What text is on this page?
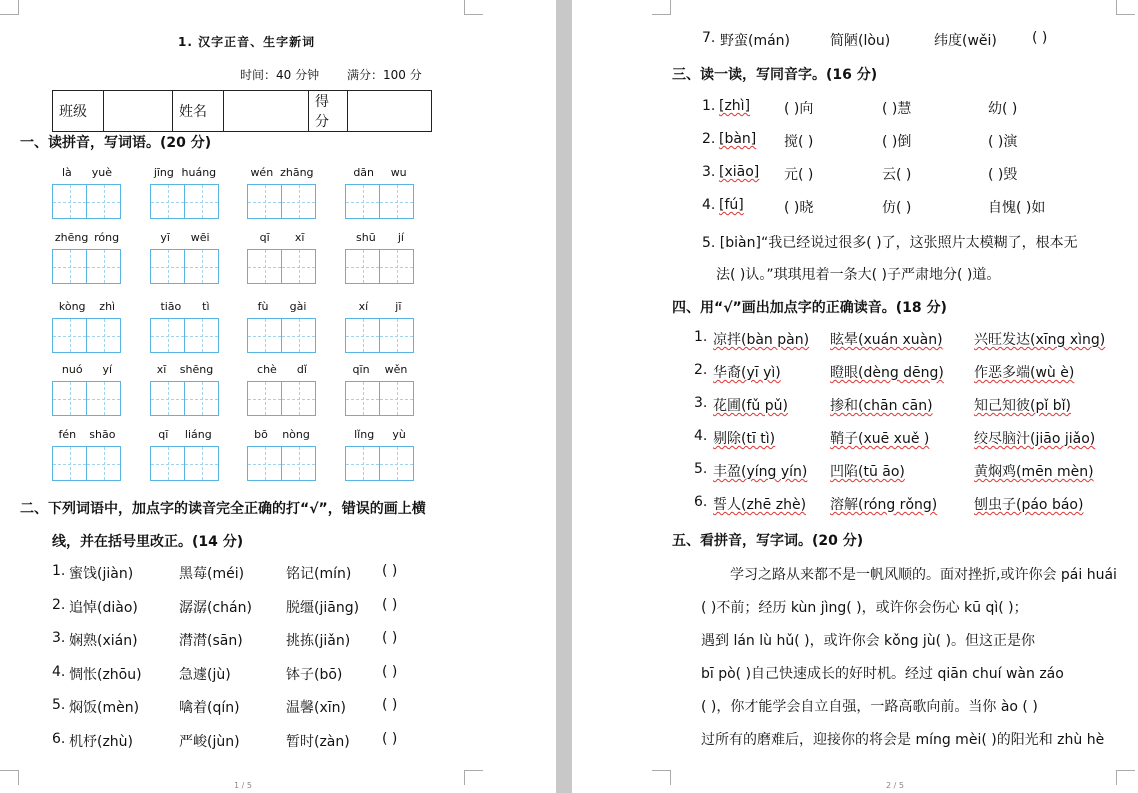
1. 汉字正音、生字新词
时间：40 分钟 满分：100 分
班级		姓名		得分	
一、读拼音，写词语。(20 分)
二、下列词语中，加点字的读音完全正确的打“√”，错误的画上横
线，并在括号里改正。(14 分)
1 / 5
là yuè	jīng huáng	wén zhāng	dān wu
zhēng róng	yī wēi	qī xī	shū jí
kòng zhì	tiāo tì	fù gài	xí jī
nuó yí	xī shēng	chè dǐ	qīn wěn
fén shāo	qī liáng	bō nòng	lǐng yù
1. 蜜饯(jiàn)	黑莓(méi)	铭记(mín) ( )
2. 追悼(diào)	潺潺(chán) 脱缰(jiāng) ( )
3. 娴熟(xián)	潸潸(sān)	挑拣(jiǎn) ( )
4. 惆怅(zhōu)	急遽(jù)	钵子(bō)	( )
5. 焖饭(mèn)	噙着(qín)	温馨(xīn)	( )
6. 机杼(zhù)	严峻(jùn)	暂时(zàn) ( )
7. 野蛮(mán)	简陋(lòu)	纬度(wěi)	( )
三、读一读，写同音字。(16 分)
5. [biàn]“我已经说过很多( )了，这张照片太模糊了，根本无
法( )认。”琪琪甩着一条大( )子严肃地分( )道。
四、用“√”画出加点字的正确读音。(18 分)
五、看拼音，写字词。(20 分)
2 / 5
1. [zhì] ( )向	( )慧	幼( )
2. [bàn] 搅( )	( )倒	( )演
3. [xiāo] 元( )	云( )	( )毁
4. [fú]	( )晓	仿( )	自愧( )如
1. 凉拌(bàn pàn) 眩晕(xuán xuàn) 兴旺发达(xīng xìng)
2. 华裔(yī yì)	瞪眼(dèng dēng) 作恶多端(wù è)
3. 花圃(fǔ pǔ)	掺和(chān cān)	知己知彼(pǐ bǐ)
4. 剔除(tī tì)	鞘子(xuē xuě )	绞尽脑汁(jiāo jiǎo)
5. 丰盈(yíng yín) 凹陷(tū āo)	黄焖鸡(mēn mèn)
6. 誓人(zhē zhè) 溶解(róng rǒng)	刨虫子(páo báo)
学习之路从来都不是一帆风顺的。面对挫折,或许你会 pái huái
( )不前；经历 kùn jìng( )，或许你会伤心 kū qì( )；
遇到 lán lù hǔ( )，或许你会 kǒng jù( )。但这正是你
bī pò( )自己快速成长的好时机。经过 qiān chuí wàn záo
( )，你才能学会自立自强，一路高歌向前。当你 ào ( )
过所有的磨难后，迎接你的将会是 míng mèi( )的阳光和 zhù hè
